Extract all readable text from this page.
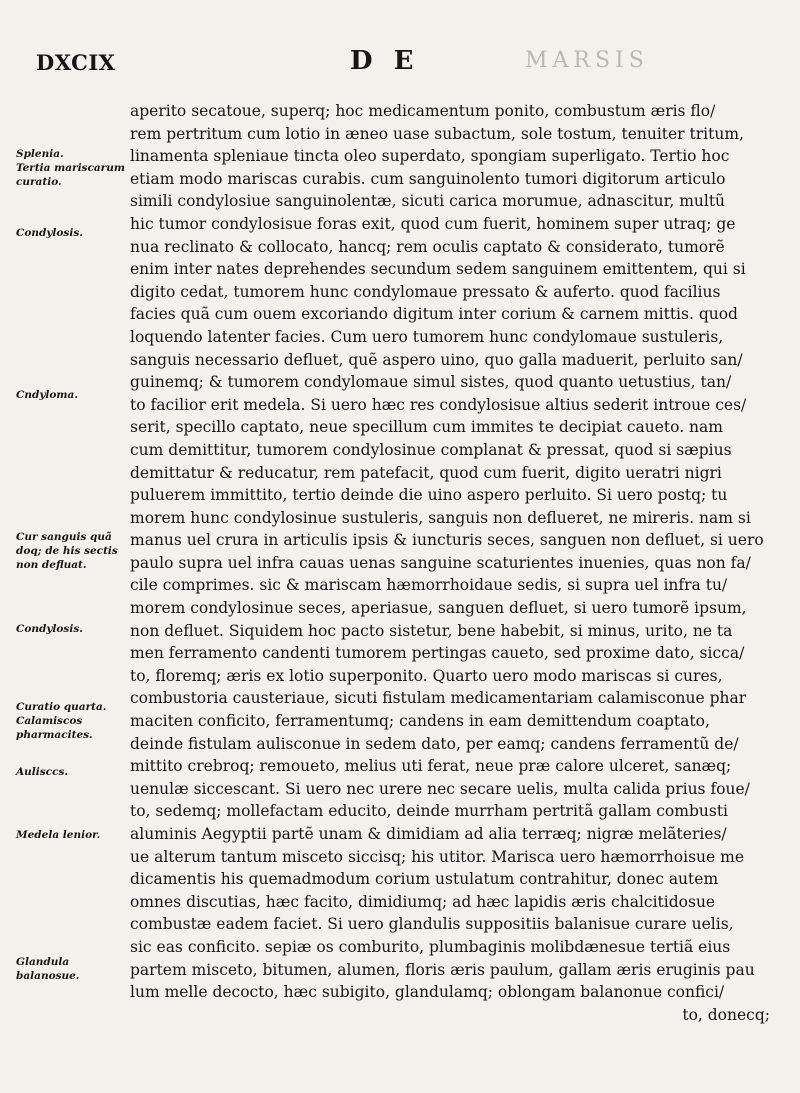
DXCIX	D E	MARSIS
Splenia.
Tertia mariscarum curatio.
Condylosis.
Cndyloma.
Cur sanguis quã doq; de his sectis non defluat.
Condylosis.
Curatio quarta.
Calamiscos pharmacites.
Aulisccs.
Medela lenior.
Glandula balanosue.
aperito secatoue, superq; hoc medicamentum ponito, combustum æris flo/
rem pertritum cum lotio in æneo uase subactum, sole tostum, tenuiter tritum,
linamenta spleniaue tincta oleo superdato, spongiam superligato. Tertio hoc
etiam modo mariscas curabis. cum sanguinolento tumori digitorum articulo
simili condylosiue sanguinolentæ, sicuti carica morumue, adnascitur, multũ
hic tumor condylosisue foras exit, quod cum fuerit, hominem super utraq; ge
nua reclinato & collocato, hancq; rem oculis captato & considerato, tumorẽ
enim inter nates deprehendes secundum sedem sanguinem emittentem, qui si
digito cedat, tumorem hunc condylomaue pressato & auferto. quod facilius
facies quã cum ouem excoriando digitum inter corium & carnem mittis. quod
loquendo latenter facies. Cum uero tumorem hunc condylomaue sustuleris,
sanguis necessario defluet, quẽ aspero uino, quo galla maduerit, perluito san/
guinemq; & tumorem condylomaue simul sistes, quod quanto uetustius, tan/
to facilior erit medela. Si uero hæc res condylosisue altius sederit introue ces/
serit, specillo captato, neue specillum cum immites te decipiat caueto. nam
cum demittitur, tumorem condylosinue complanat & pressat, quod si sæpius
demittatur & reducatur, rem patefacit, quod cum fuerit, digito ueratri nigri
puluerem immittito, tertio deinde die uino aspero perluito. Si uero postq; tu
morem hunc condylosinue sustuleris, sanguis non deflueret, ne mireris. nam si
manus uel crura in articulis ipsis & iuncturis seces, sanguen non defluet, si uero
paulo supra uel infra cauas uenas sanguine scaturientes inuenies, quas non fa/
cile comprimes. sic & mariscam hæmorrhoidaue sedis, si supra uel infra tu/
morem condylosinue seces, aperiasue, sanguen defluet, si uero tumorẽ ipsum,
non defluet. Siquidem hoc pacto sistetur, bene habebit, si minus, urito, ne ta
men ferramento candenti tumorem pertingas caueto, sed proxime dato, sicca/
to, floremq; æris ex lotio superponito. Quarto uero modo mariscas si cures,
combustoria causteriaue, sicuti fistulam medicamentariam calamisconue phar
maciten conficito, ferramentumq; candens in eam demittendum coaptato,
deinde fistulam aulisconue in sedem dato, per eamq; candens ferramentũ de/
mittito crebroq; remoueto, melius uti ferat, neue præ calore ulceret, sanæq;
uenulæ siccescant. Si uero nec urere nec secare uelis, multa calida prius foue/
to, sedemq; mollefactam educito, deinde murrham pertritã gallam combusti
aluminis Aegyptii partẽ unam & dimidiam ad alia terræq; nigræ melãteries/
ue alterum tantum misceto siccisq; his utitor. Marisca uero hæmorrhoisue me
dicamentis his quemadmodum corium ustulatum contrahitur, donec autem
omnes discutias, hæc facito, dimidiumq; ad hæc lapidis æris chalcitidosue
combustæ eadem faciet. Si uero glandulis suppositiis balanisue curare uelis,
sic eas conficito. sepiæ os comburito, plumbaginis molibdænesue tertiã eius
partem misceto, bitumen, alumen, floris æris paulum, gallam æris eruginis pau
lum melle decocto, hæc subigito, glandulamq; oblongam balanonue confici/
to, donecq;
